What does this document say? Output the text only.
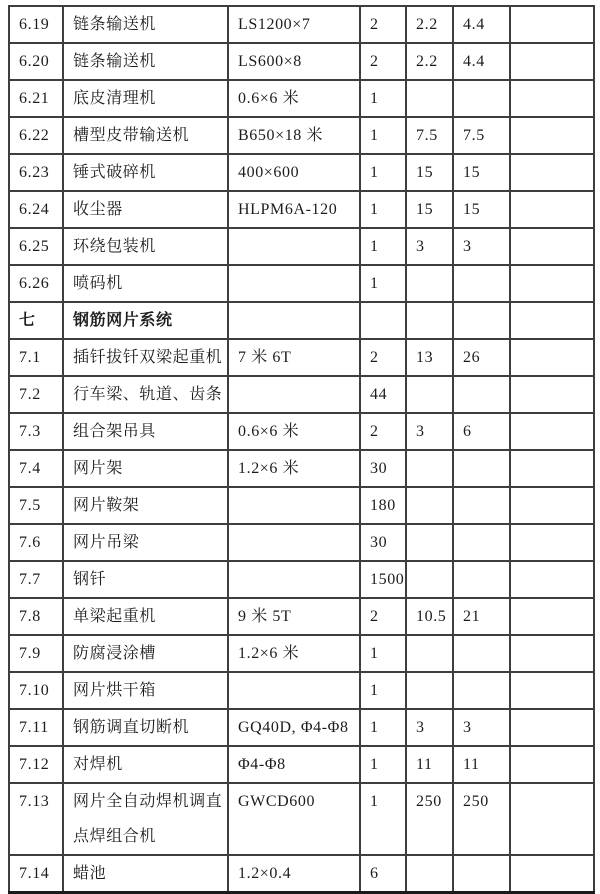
6.19	链条输送机	LS1200×7	2	2.2	4.4	
6.20	链条输送机	LS600×8	2	2.2	4.4	
6.21	底皮清理机	0.6×6 米	1			
6.22	槽型皮带输送机	B650×18 米	1	7.5	7.5	
6.23	锤式破碎机	400×600	1	15	15	
6.24	收尘器	HLPM6A-120	1	15	15	
6.25	环绕包装机		1	3	3	
6.26	喷码机		1			
七	钢筋网片系统					
7.1	插钎拔钎双梁起重机	7 米 6T	2	13	26	
7.2	行车梁、轨道、齿条		44			
7.3	组合架吊具	0.6×6 米	2	3	6	
7.4	网片架	1.2×6 米	30			
7.5	网片鞍架		180			
7.6	网片吊梁		30			
7.7	钢钎		1500			
7.8	单梁起重机	9 米 5T	2	10.5	21	
7.9	防腐浸涂槽	1.2×6 米	1			
7.10	网片烘干箱		1			
7.11	钢筋调直切断机	GQ40D, Φ4-Φ8	1	3	3	
7.12	对焊机	Φ4-Φ8	1	11	11	
7.13	网片全自动焊机调直点焊组合机	GWCD600	1	250	250	
7.14	蜡池	1.2×0.4	6			
